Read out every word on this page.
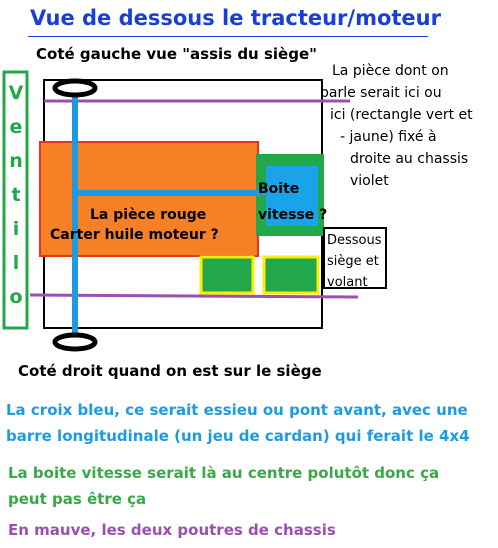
Vue de dessous le tracteur/moteur
Coté gauche vue "assis du siège"
La pièce dont on
parle serait ici ou
ici (rectangle vert et
- jaune) fixé à
droite au chassis
violet
V
e
n
t
i
l
o
La pièce rouge
Carter huile moteur ?
Boite
vitesse ?
Dessous
siège et
volant
Coté droit quand on est sur le siège
La croix bleu, ce serait essieu ou pont avant, avec une barre longitudinale (un jeu de cardan) qui ferait le 4x4
La boite vitesse serait là au centre polutôt donc ça peut pas être ça
En mauve, les deux poutres de chassis
